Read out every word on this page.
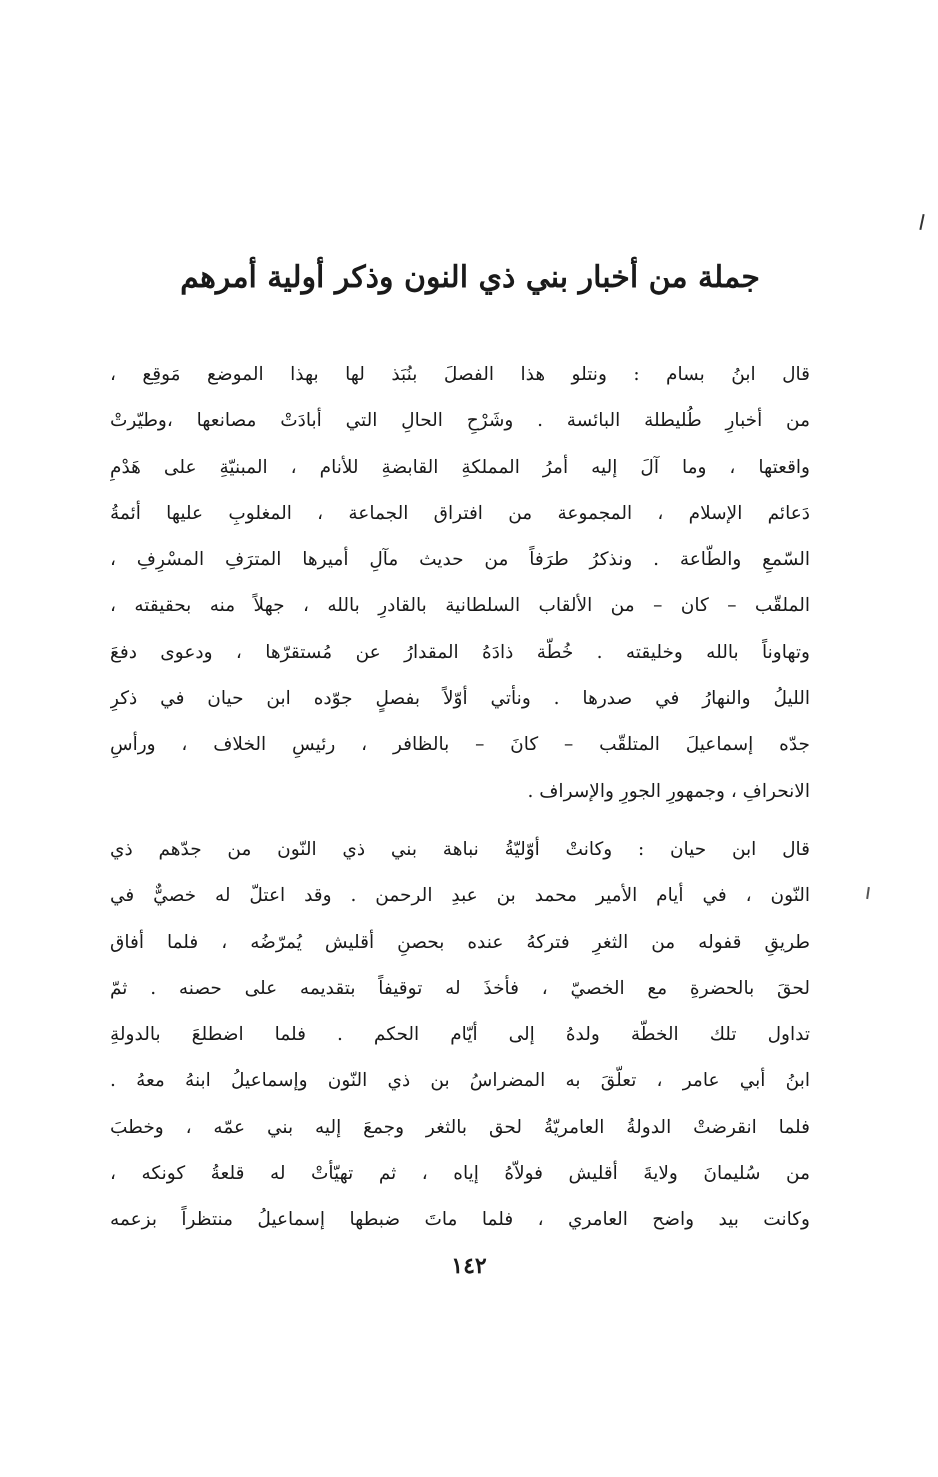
جملة من أخبار بني ذي النون وذكر أولية أمرهم
قال ابنُ بسام : ونتلو هذا الفصلَ بنُبَذ لها بهذا الموضع مَوقِع ،
من أخبارِ طُليطلة البائسة . وشَرْحِ الحالِ التي أبادَتْ مصانعها ،وطيّرتْ
واقعتها ، وما آلَ إليه أمرُ المملكةِ القابضةِ للأنام ، المبنيّةِ على هَدْمِ
دَعائم الإسلام ، المجموعة من افتراق الجماعة ، المغلوبِ عليها أئمةُ
السّمعِ والطّاعة . ونذكرُ طرَفاً من حديث مآلِ أميرها المترَفِ المسْرِفِ ،
الملقّب – كان – من الألقاب السلطانية بالقادرِ بالله ، جهلاً منه بحقيقته ،
وتهاوناً بالله وخليقته . خُطّة ذادَهُ المقدارُ عن مُستقرّها ، ودعوى دفعَ
الليلُ والنهارُ في صدرها . ونأتي أوّلاً بفصلٍ جوّده ابن حيان في ذكرِ
جدّه إسماعيلَ المتلقّب – كانَ – بالظافر ، رئيسِ الخلاف ، ورأسِ
الانحرافِ ، وجمهورِ الجورِ والإسراف .
قال ابن حيان : وكانتْ أوّليّةُ نباهة بني ذي النّون من جدّهم ذي
النّون ، في أيام الأمير محمد بن عبدِ الرحمن . وقد اعتلّ له خصيٌّ في
طريقِ قفوله من الثغرِ فتركهُ عنده بحصنِ أقليش يُمرّضُه ، فلما أفاق
لحقَ بالحضرةِ مع الخصيّ ، فأخذَ له توقيفاً بتقديمه على حصنه . ثمّ
تداول تلك الخطّة ولدهُ إلى أيّام الحكم . فلما اضطلعَ بالدولةِ
ابنُ أبي عامر ، تعلّقَ به المضراسُ بن ذي النّون وإسماعيلُ ابنهُ معهُ .
فلما انقرضتْ الدولةُ العامريّةُ لحق بالثغر وجمعَ إليه بني عمّه ، وخطبَ
من سُليمانَ ولايةَ أقليش فولاّهُ إياه ، ثم تهيّأتْ له قلعةُ كونكه ،
وكانت بيد واضح العامري ، فلما ماتَ ضبطها إسماعيلُ منتظراً بزعمه
١٤٢
